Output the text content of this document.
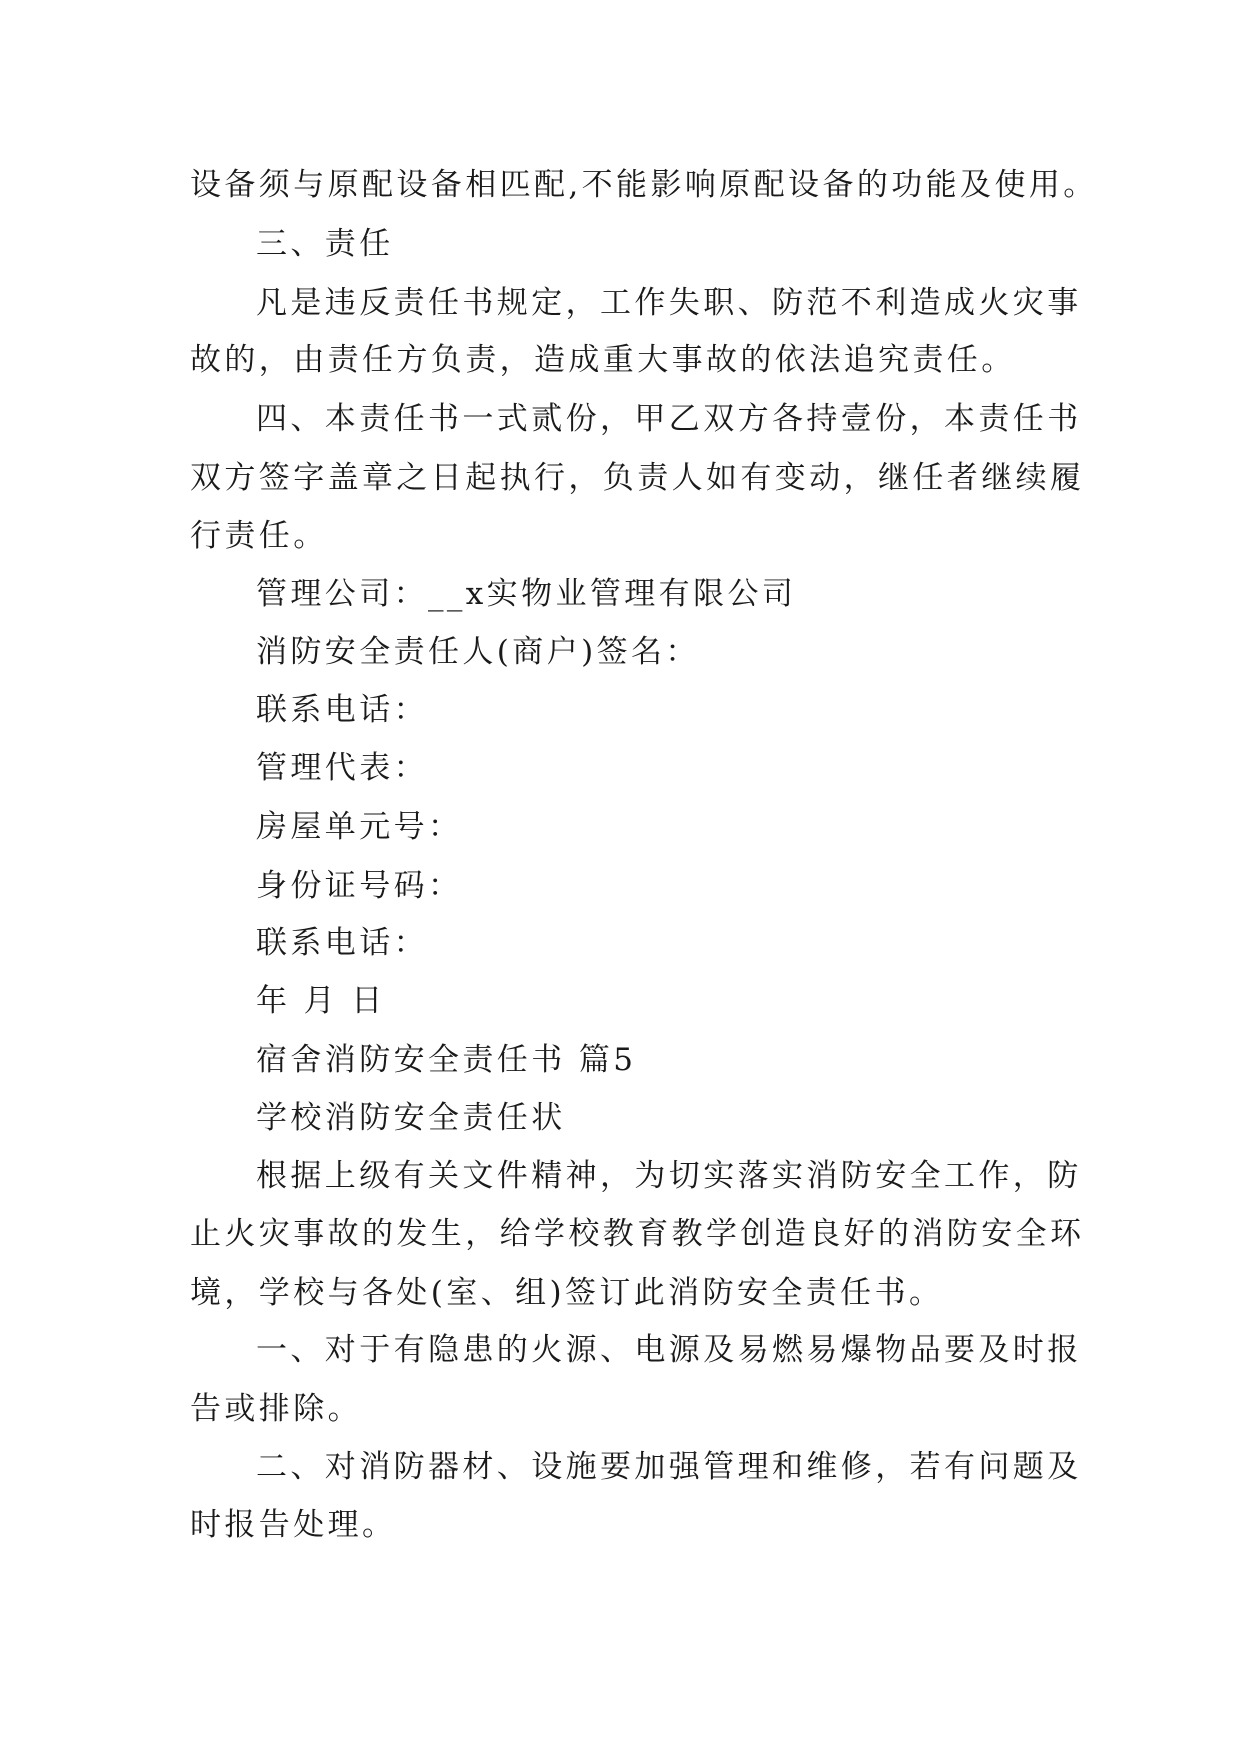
设备须与原配设备相匹配,不能影响原配设备的功能及使用。
三、责任
凡是违反责任书规定，工作失职、防范不利造成火灾事
故的，由责任方负责，造成重大事故的依法追究责任。
四、本责任书一式贰份，甲乙双方各持壹份，本责任书
双方签字盖章之日起执行，负责人如有变动，继任者继续履
行责任。
管理公司：__x实物业管理有限公司
消防安全责任人(商户)签名：
联系电话：
管理代表：
房屋单元号：
身份证号码：
联系电话：
年 月 日
宿舍消防安全责任书 篇5
学校消防安全责任状
根据上级有关文件精神，为切实落实消防安全工作，防
止火灾事故的发生，给学校教育教学创造良好的消防安全环
境，学校与各处(室、组)签订此消防安全责任书。
一、对于有隐患的火源、电源及易燃易爆物品要及时报
告或排除。
二、对消防器材、设施要加强管理和维修，若有问题及
时报告处理。
